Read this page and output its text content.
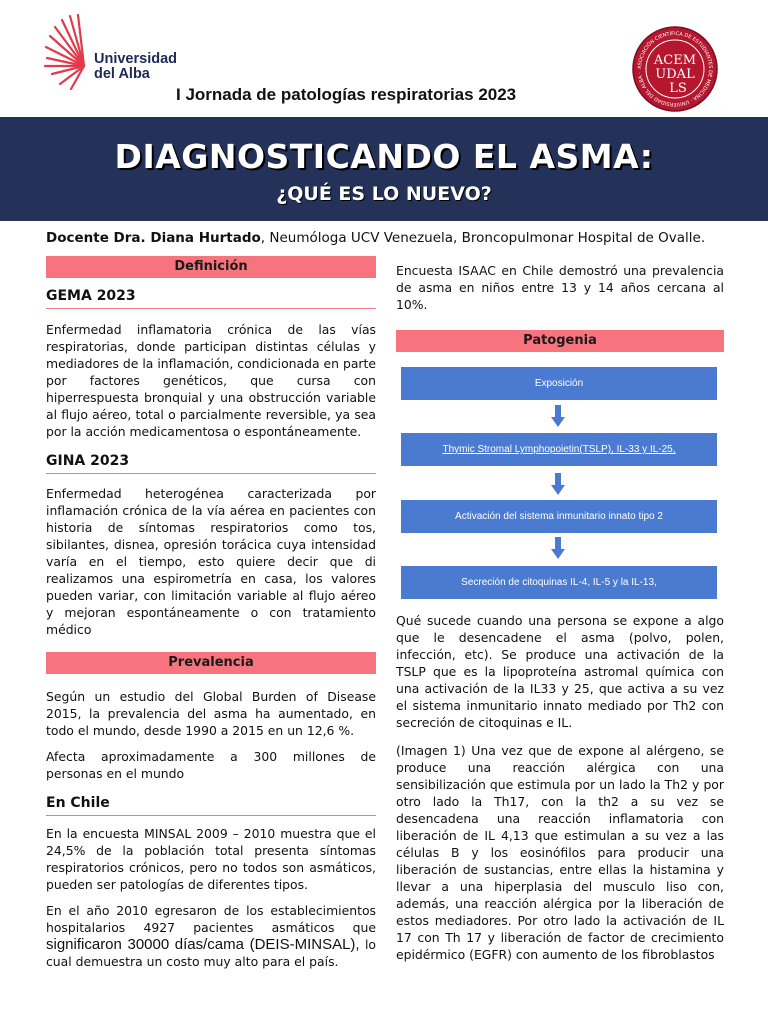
Universidad
del Alba
I Jornada de patologías respiratorias 2023
ASOCIACIÓN CIENTÍFICA DE ESTUDIANTES DE MEDICINA · UNIVERSIDAD DEL ALBA ·
ACEM
UDAL
LS
DIAGNOSTICANDO EL ASMA:
¿QUÉ ES LO NUEVO?
Docente Dra. Diana Hurtado, Neumóloga UCV Venezuela, Broncopulmonar Hospital de Ovalle.
Definición
GEMA 2023
Enfermedad inflamatoria crónica de las vías respiratorias, donde participan distintas células y mediadores de la inflamación, condicionada en parte por factores genéticos, que cursa con hiperrespuesta bronquial y una obstrucción variable al flujo aéreo, total o parcialmente reversible, ya sea por la acción medicamentosa o espontáneamente.
GINA 2023
Enfermedad heterogénea caracterizada por inflamación crónica de la vía aérea en pacientes con historia de síntomas respiratorios como tos, sibilantes, disnea, opresión torácica cuya intensidad varía en el tiempo, esto quiere decir que di realizamos una espirometría en casa, los valores pueden variar, con limitación variable al flujo aéreo y mejoran espontáneamente o con tratamiento médico
Prevalencia
Según un estudio del Global Burden of Disease 2015, la prevalencia del asma ha aumentado, en todo el mundo, desde 1990 a 2015 en un 12,6 %.
Afecta aproximadamente a 300 millones de personas en el mundo
En Chile
En la encuesta MINSAL 2009 – 2010 muestra que el 24,5% de la población total presenta síntomas respiratorios crónicos, pero no todos son asmáticos, pueden ser patologías de diferentes tipos.
En el año 2010 egresaron de los establecimientos hospitalarios 4927 pacientes asmáticos que significaron 30000 días/cama (DEIS-MINSAL), lo cual demuestra un costo muy alto para el país.
Encuesta ISAAC en Chile demostró una prevalencia de asma en niños entre 13 y 14 años cercana al 10%.
Patogenia
Exposición
Thymic Stromal Lymphopoietin(TSLP), IL-33 y IL-25,
Activación del sistema inmunitario innato tipo 2
Secreción de citoquinas IL-4, IL-5 y la IL-13,
Qué sucede cuando una persona se expone a algo que le desencadene el asma (polvo, polen, infección, etc). Se produce una activación de la TSLP que es la lipoproteína astromal química con una activación de la IL33 y 25, que activa a su vez el sistema inmunitario innato mediado por Th2 con secreción de citoquinas e IL.
(Imagen 1) Una vez que de expone al alérgeno, se produce una reacción alérgica con una sensibilización que estimula por un lado la Th2 y por otro lado la Th17, con la th2 a su vez se desencadena una reacción inflamatoria con liberación de IL 4,13 que estimulan a su vez a las células B y los eosinófilos para producir una liberación de sustancias, entre ellas la histamina y llevar a una hiperplasia del musculo liso con, además, una reacción alérgica por la liberación de estos mediadores. Por otro lado la activación de IL 17 con Th 17 y liberación de factor de crecimiento epidérmico (EGFR) con aumento de los fibroblastos
